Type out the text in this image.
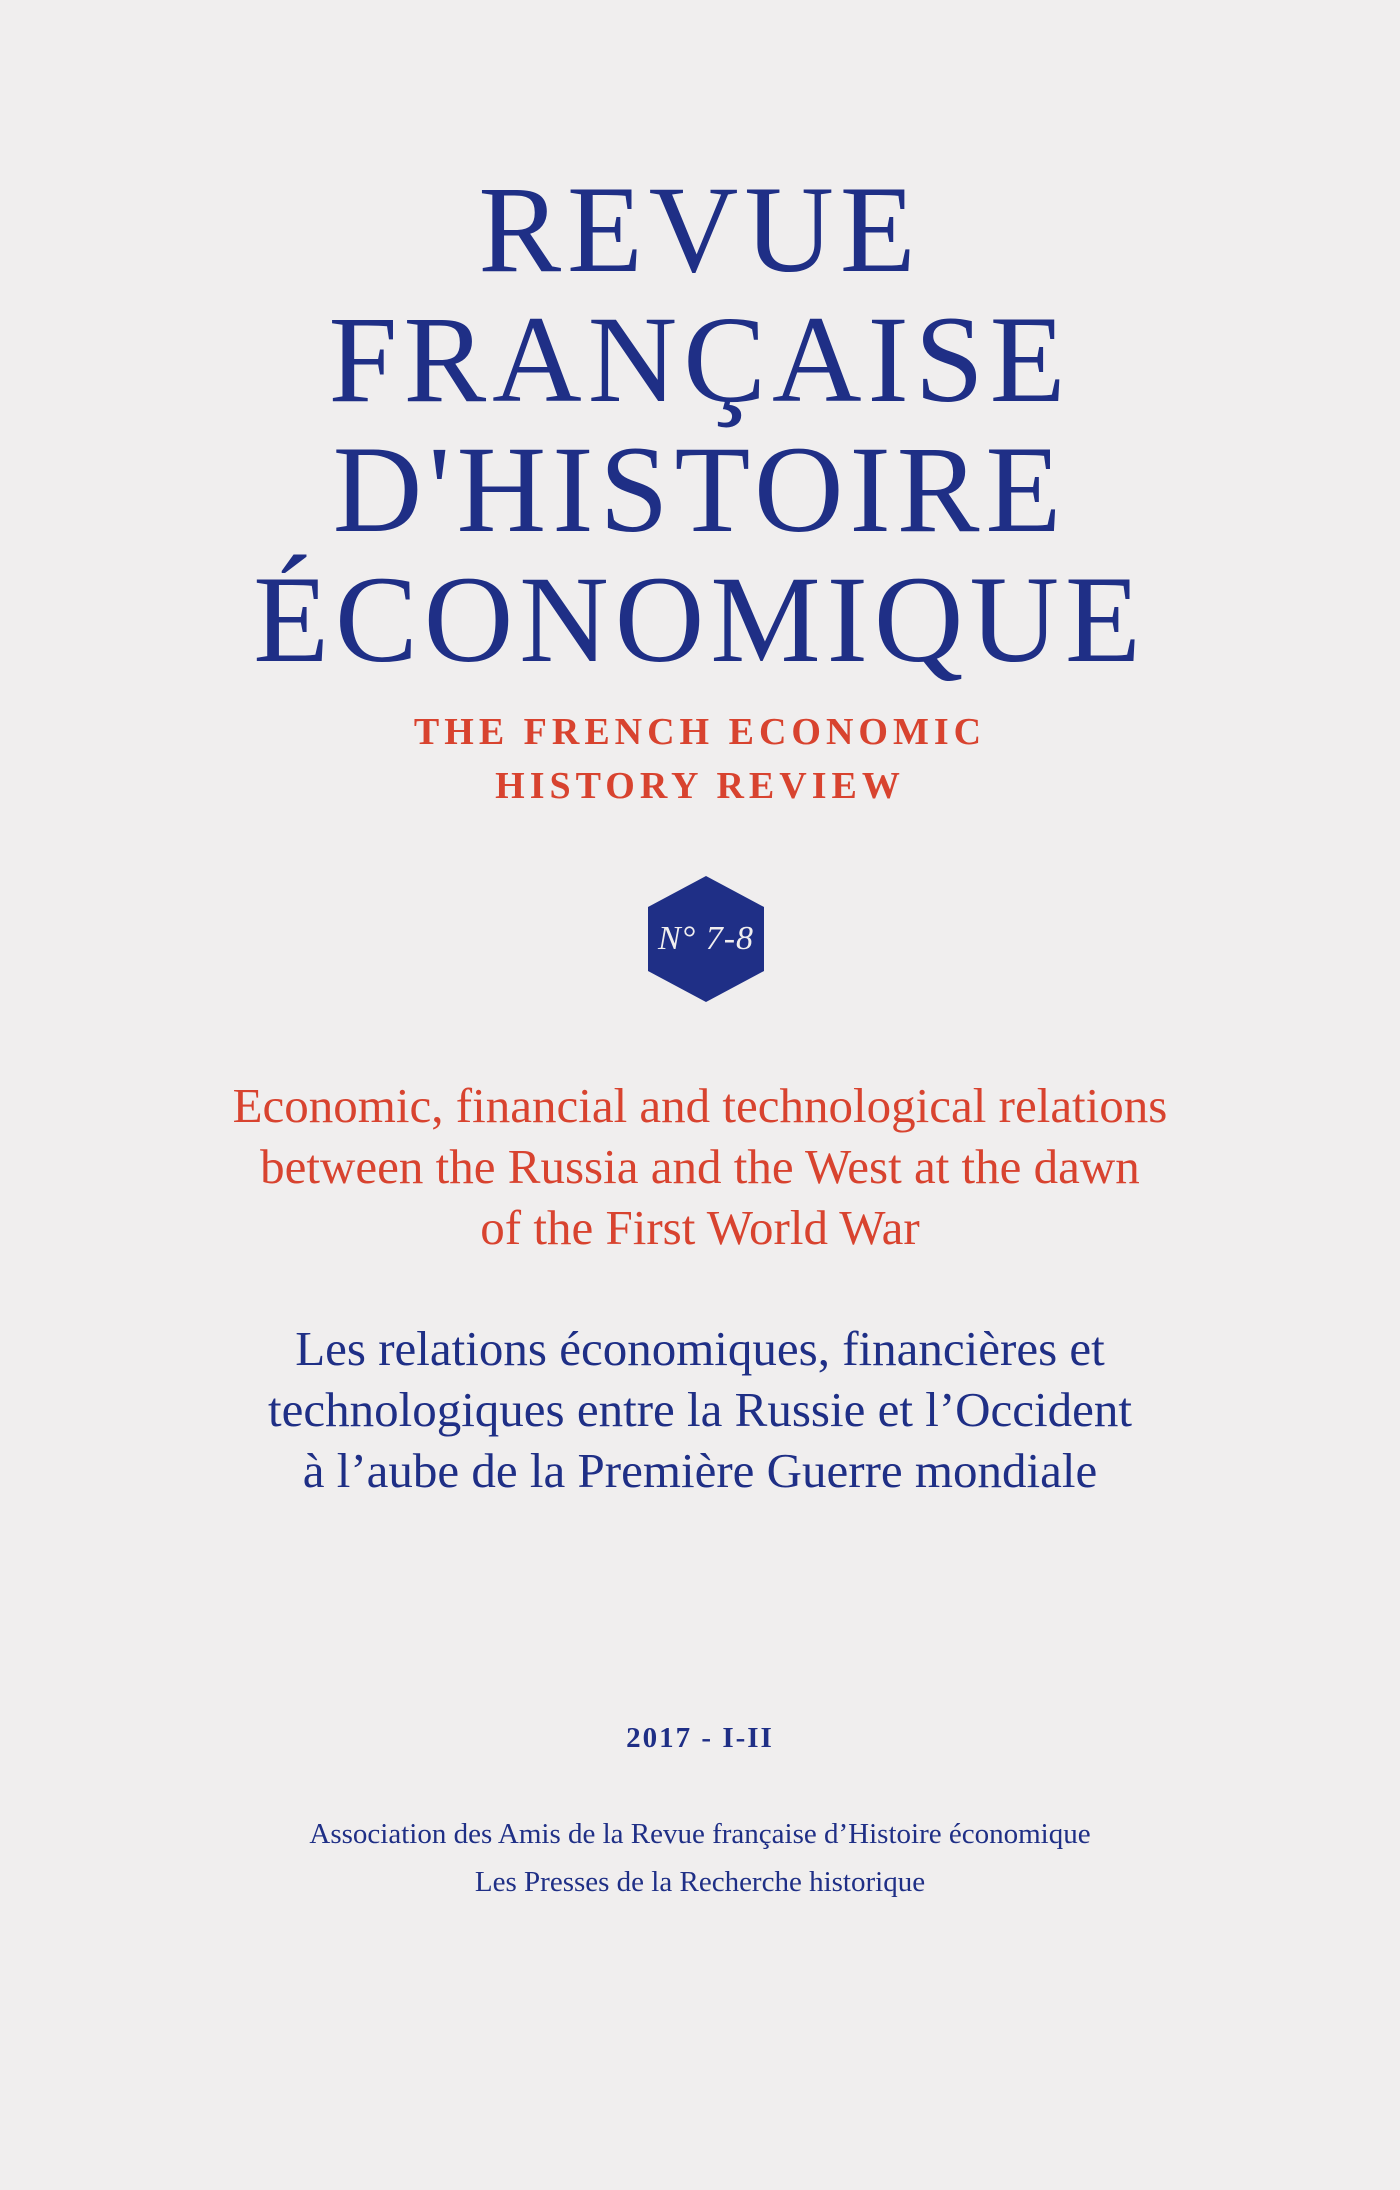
REVUE
FRANÇAISE
D'HISTOIRE
ÉCONOMIQUE
THE FRENCH ECONOMIC
HISTORY REVIEW
N° 7-8
Economic, financial and technological relations
between the Russia and the West at the dawn
of the First World War
Les relations économiques, financières et
technologiques entre la Russie et l’Occident
à l’aube de la Première Guerre mondiale
2017 - I-II
Association des Amis de la Revue française d’Histoire économique
Les Presses de la Recherche historique
